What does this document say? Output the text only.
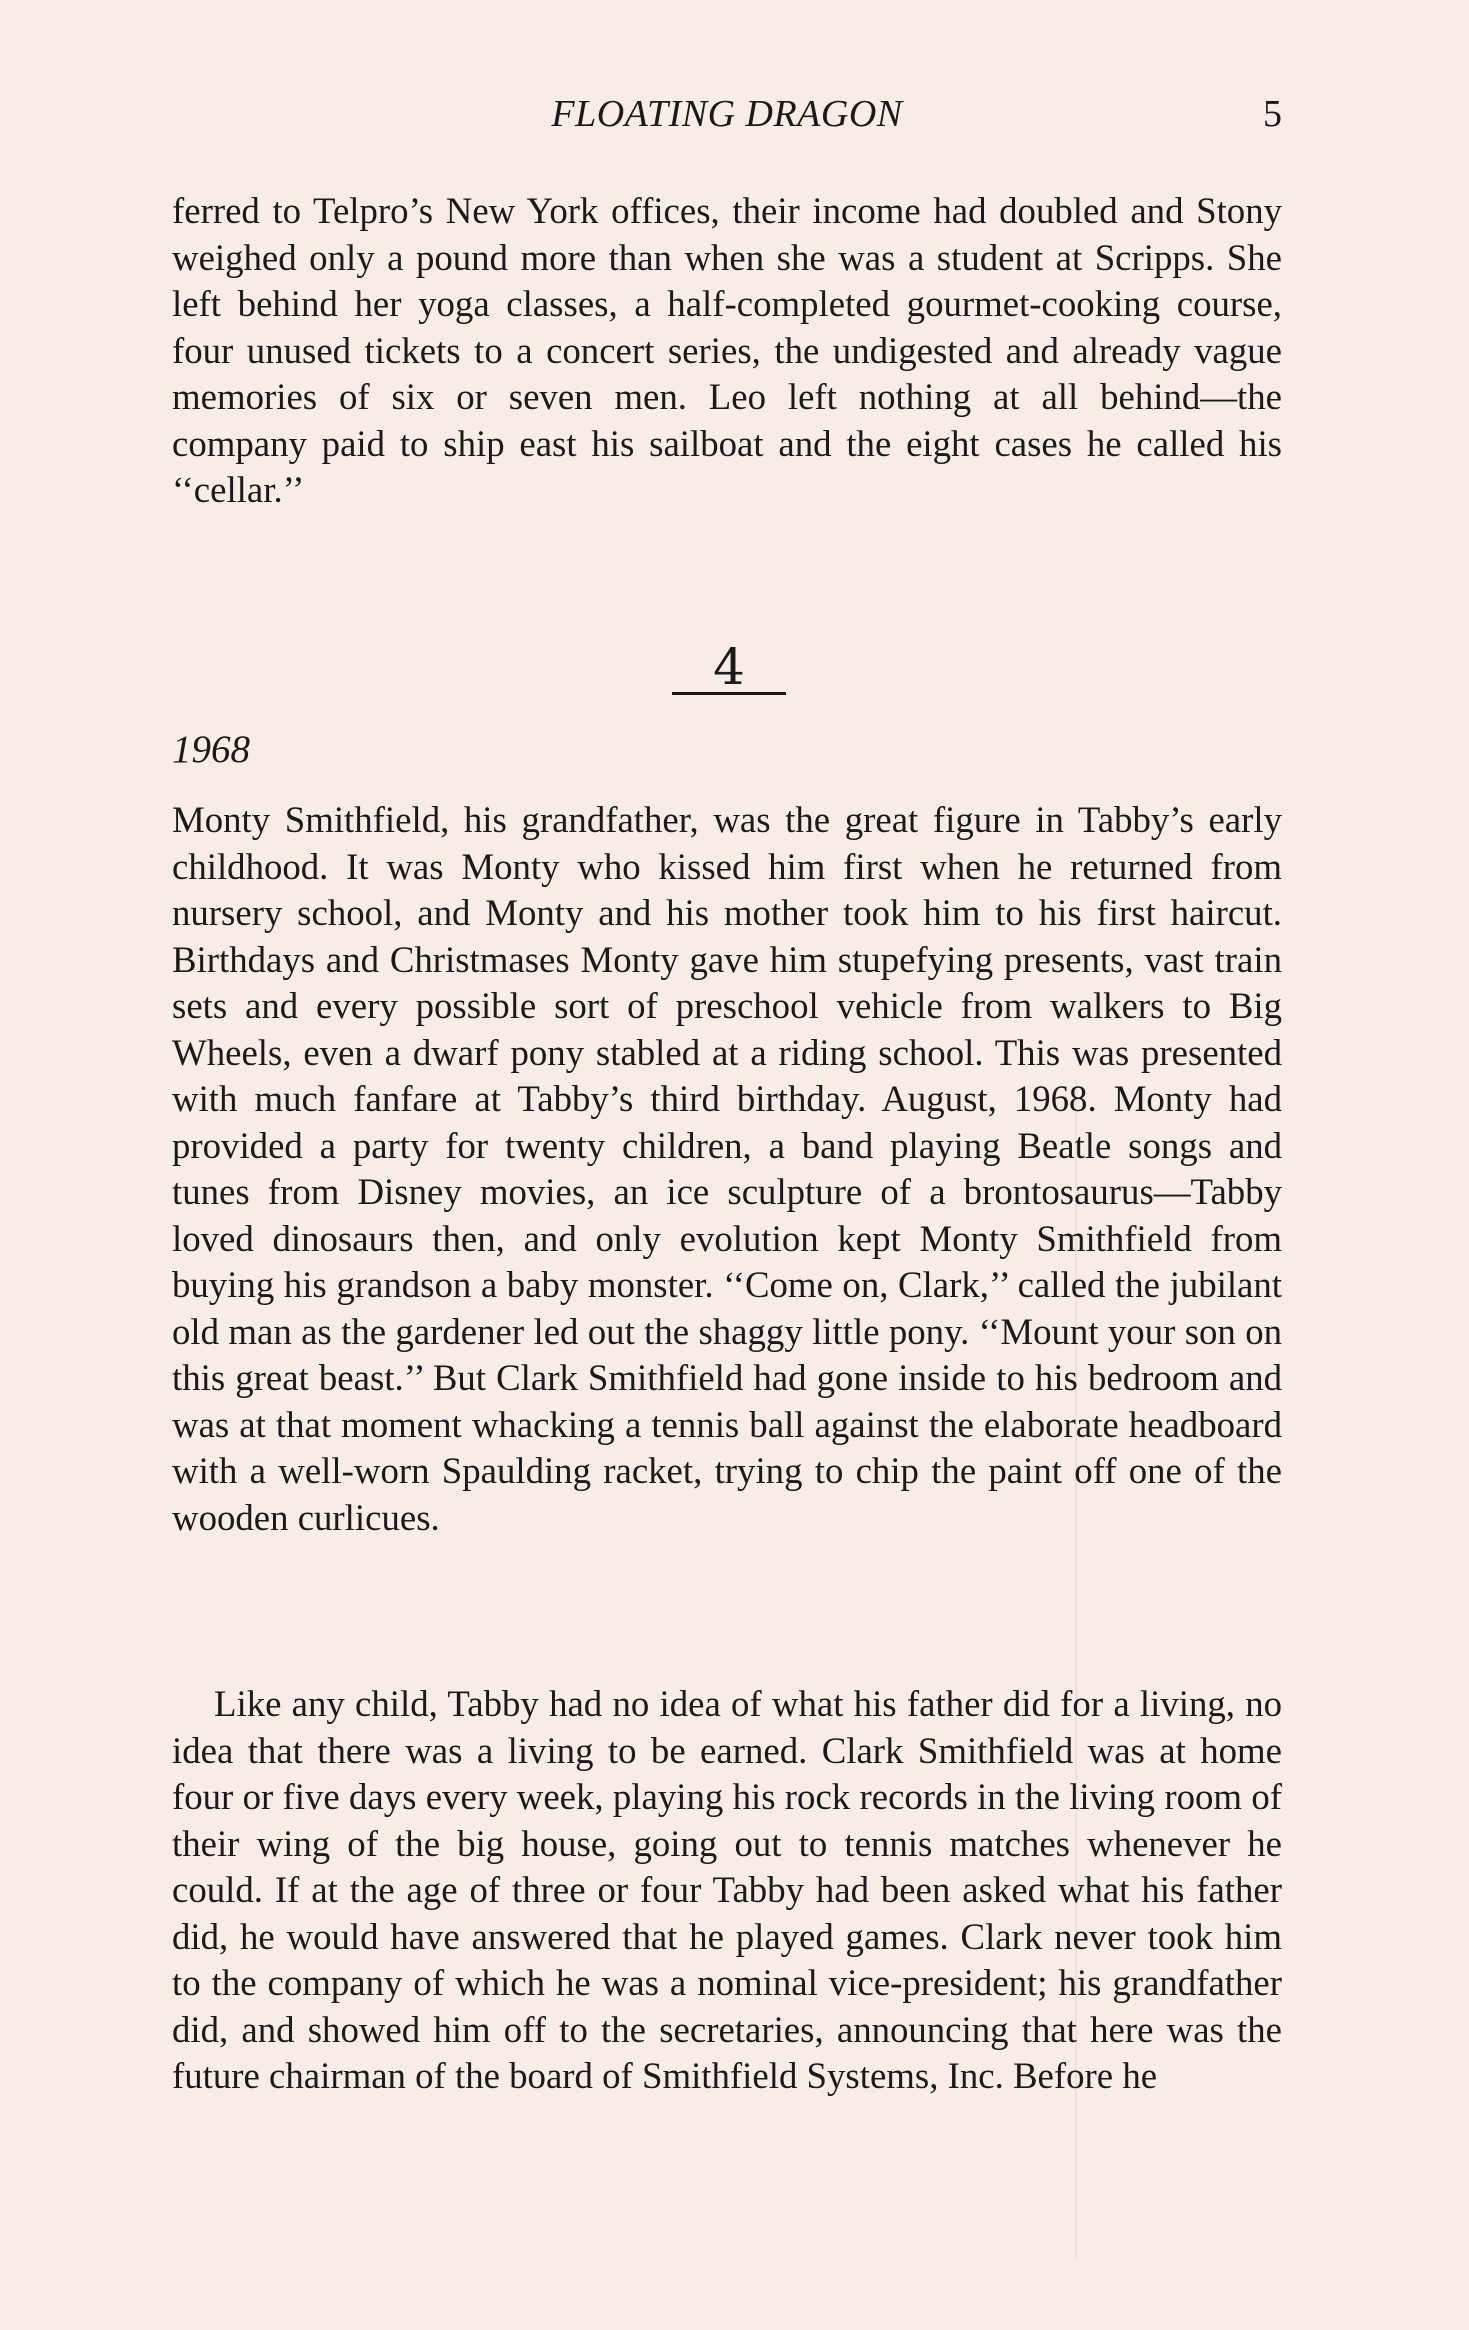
FLOATING DRAGON	5

ferred to Telpro’s New York offices, their income had doubled and Stony weighed only a pound more than when she was a student at Scripps. She left behind her yoga classes, a half-completed gourmet-cooking course, four unused tickets to a concert series, the undigested and already vague memories of six or seven men. Leo left nothing at all behind—the company paid to ship east his sailboat and the eight cases he called his ‘‘cellar.’’

4
1968

Monty Smithfield, his grandfather, was the great figure in Tabby’s early childhood. It was Monty who kissed him first when he returned from nursery school, and Monty and his mother took him to his first haircut. Birthdays and Christmases Monty gave him stupefying presents, vast train sets and every possible sort of preschool vehicle from walkers to Big Wheels, even a dwarf pony stabled at a riding school. This was presented with much fanfare at Tabby’s third birthday. August, 1968. Monty had provided a party for twenty children, a band playing Beatle songs and tunes from Disney movies, an ice sculpture of a brontosaurus—Tabby loved dinosaurs then, and only evolution kept Monty Smithfield from buying his grandson a baby monster. ‘‘Come on, Clark,’’ called the jubilant old man as the gardener led out the shaggy little pony. ‘‘Mount your son on this great beast.’’ But Clark Smithfield had gone inside to his bedroom and was at that moment whacking a tennis ball against the elaborate headboard with a well-worn Spaulding racket, trying to chip the paint off one of the wooden curlicues.

Like any child, Tabby had no idea of what his father did for a living, no idea that there was a living to be earned. Clark Smithfield was at home four or five days every week, playing his rock records in the living room of their wing of the big house, going out to tennis matches whenever he could. If at the age of three or four Tabby had been asked what his father did, he would have answered that he played games. Clark never took him to the company of which he was a nominal vice-president; his grandfather did, and showed him off to the secretaries, announcing that here was the future chairman of the board of Smithfield Systems, Inc. Before he
